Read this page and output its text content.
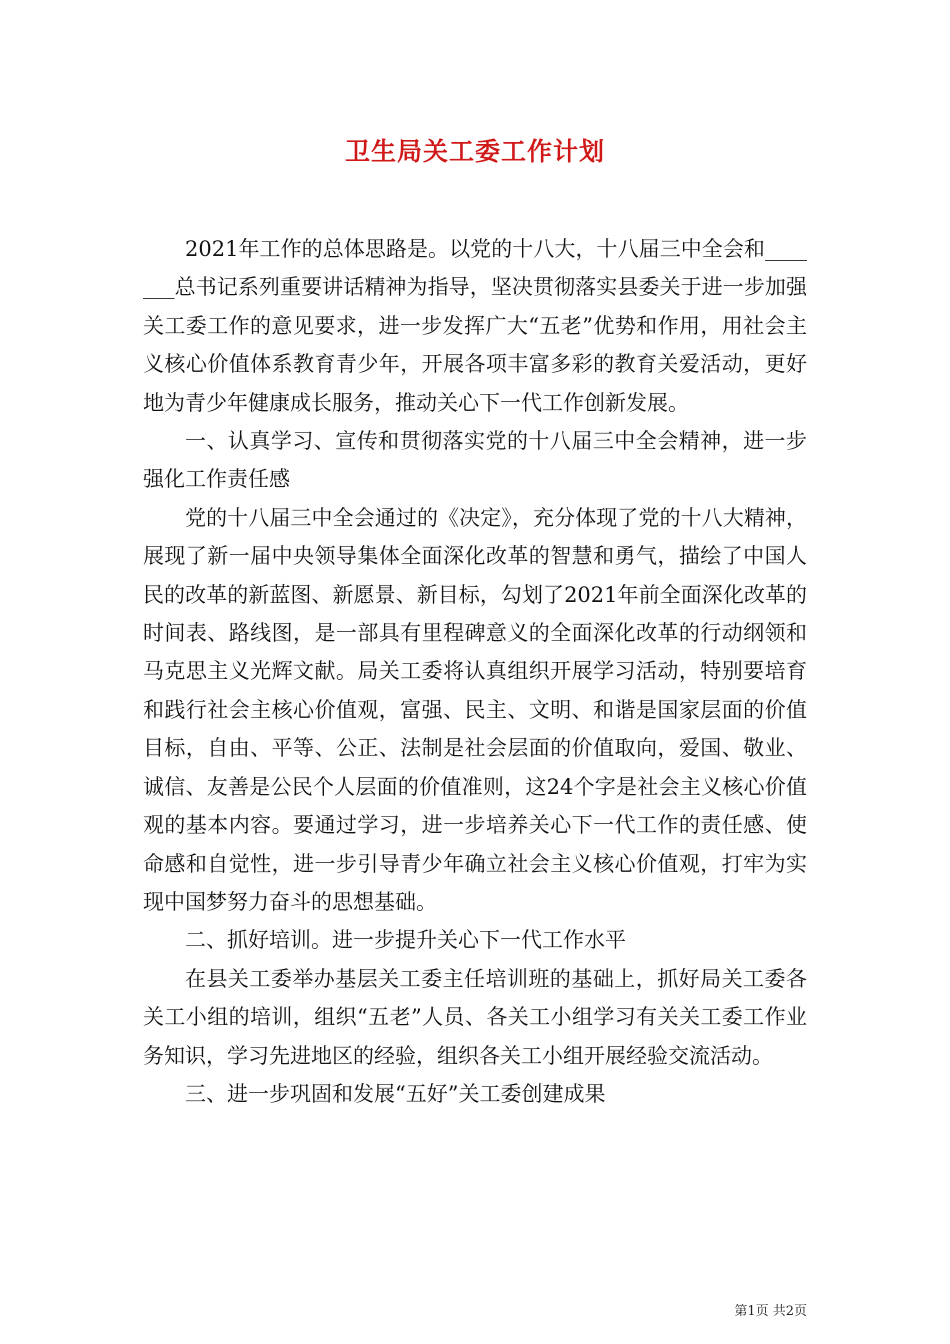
卫生局关工委工作计划

2021年工作的总体思路是。以党的十八大，十八届三中全会和_______总书记系列重要讲话精神为指导，坚决贯彻落实县委关于进一步加强关工委工作的意见要求，进一步发挥广大“五老”优势和作用，用社会主义核心价值体系教育青少年，开展各项丰富多彩的教育关爱活动，更好地为青少年健康成长服务，推动关心下一代工作创新发展。

一、认真学习、宣传和贯彻落实党的十八届三中全会精神，进一步强化工作责任感

党的十八届三中全会通过的《决定》，充分体现了党的十八大精神，展现了新一届中央领导集体全面深化改革的智慧和勇气，描绘了中国人民的改革的新蓝图、新愿景、新目标，勾划了2021年前全面深化改革的时间表、路线图，是一部具有里程碑意义的全面深化改革的行动纲领和马克思主义光辉文献。局关工委将认真组织开展学习活动，特别要培育和践行社会主核心价值观，富强、民主、文明、和谐是国家层面的价值目标，自由、平等、公正、法制是社会层面的价值取向，爱国、敬业、诚信、友善是公民个人层面的价值准则，这24个字是社会主义核心价值观的基本内容。要通过学习，进一步培养关心下一代工作的责任感、使命感和自觉性，进一步引导青少年确立社会主义核心价值观，打牢为实现中国梦努力奋斗的思想基础。

二、抓好培训。进一步提升关心下一代工作水平

在县关工委举办基层关工委主任培训班的基础上，抓好局关工委各关工小组的培训，组织“五老”人员、各关工小组学习有关关工委工作业务知识，学习先进地区的经验，组织各关工小组开展经验交流活动。

三、进一步巩固和发展“五好”关工委创建成果

第1页 共2页
